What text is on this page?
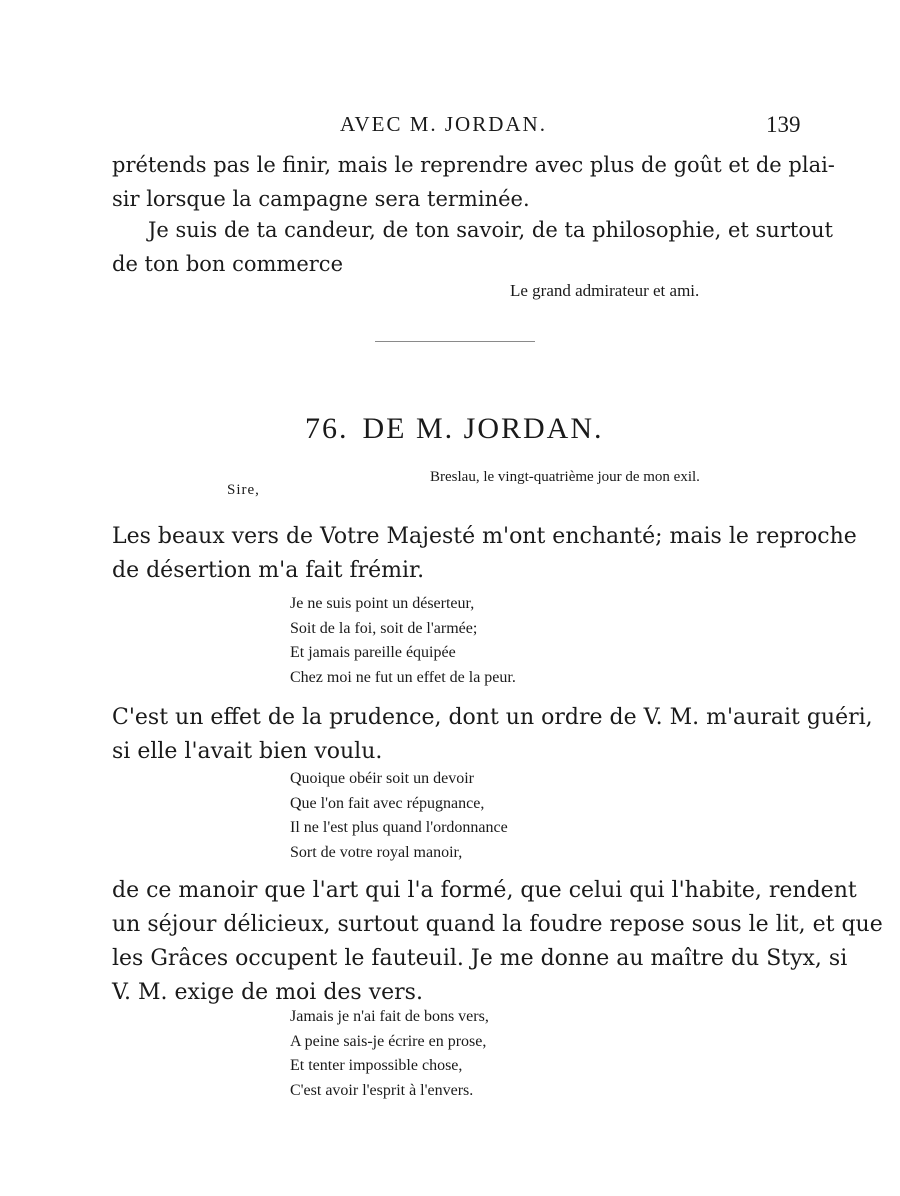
AVEC M. JORDAN.	139
prétends pas le finir, mais le reprendre avec plus de goût et de plai-
sir lorsque la campagne sera terminée.
Je suis de ta candeur, de ton savoir, de ta philosophie, et surtout
de ton bon commerce
Le grand admirateur et ami.
76. DE M. JORDAN.
Breslau, le vingt-quatrième jour de mon exil.
Sire,
Les beaux vers de Votre Majesté m'ont enchanté; mais le reproche
de désertion m'a fait frémir.
Je ne suis point un déserteur,
Soit de la foi, soit de l'armée;
Et jamais pareille équipée
Chez moi ne fut un effet de la peur.
C'est un effet de la prudence, dont un ordre de V. M. m'aurait guéri,
si elle l'avait bien voulu.
Quoique obéir soit un devoir
Que l'on fait avec répugnance,
Il ne l'est plus quand l'ordonnance
Sort de votre royal manoir,
de ce manoir que l'art qui l'a formé, que celui qui l'habite, rendent
un séjour délicieux, surtout quand la foudre repose sous le lit, et que
les Grâces occupent le fauteuil. Je me donne au maître du Styx, si
V. M. exige de moi des vers.
Jamais je n'ai fait de bons vers,
A peine sais-je écrire en prose,
Et tenter impossible chose,
C'est avoir l'esprit à l'envers.
